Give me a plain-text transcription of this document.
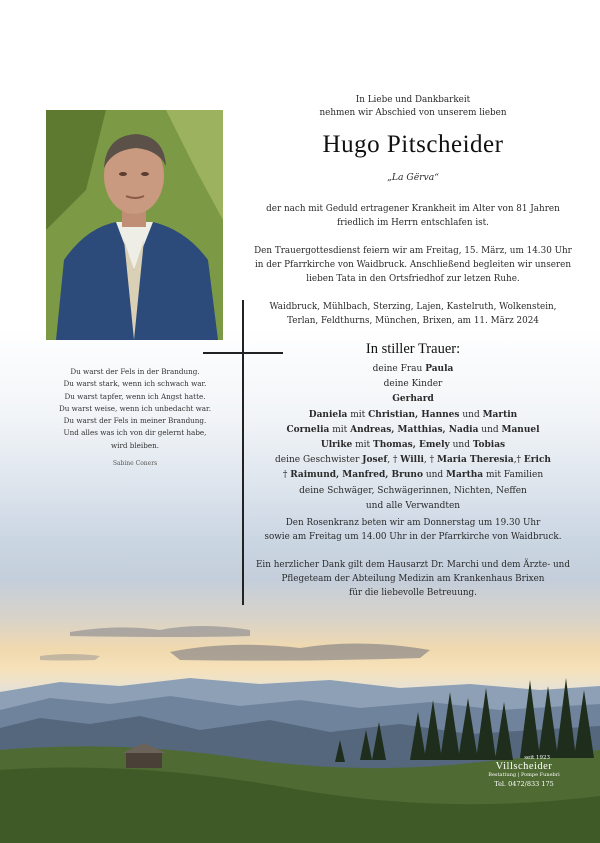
Du warst der Fels in der Brandung.
Du warst stark, wenn ich schwach war.
Du warst tapfer, wenn ich Angst hatte.
Du warst weise, wenn ich unbedacht war.
Du warst der Fels in meiner Brandung.
Und alles was ich von dir gelernt habe,
wird bleiben.
Sabine Coners
In Liebe und Dankbarkeit
nehmen wir Abschied von unserem lieben
Hugo Pitscheider
„La Gërva“
der nach mit Geduld ertragener Krankheit im Alter von 81 Jahren
friedlich im Herrn entschlafen ist.
Den Trauergottesdienst feiern wir am Freitag, 15. März, um 14.30 Uhr
in der Pfarrkirche von Waidbruck. Anschließend begleiten wir unseren
lieben Tata in den Ortsfriedhof zur letzen Ruhe.
Waidbruck, Mühlbach, Sterzing, Lajen, Kastelruth, Wolkenstein,
Terlan, Feldthurns, München, Brixen, am 11. März 2024
In stiller Trauer:
deine Frau Paula
deine Kinder
Gerhard
Daniela mit Christian, Hannes und Martin
Cornelia mit Andreas, Matthias, Nadia und Manuel
Ulrike mit Thomas, Emely und Tobias
deine Geschwister Josef, † Willi, † Maria Theresia,† Erich
† Raimund, Manfred, Bruno und Martha mit Familien
deine Schwäger, Schwägerinnen, Nichten, Neffen
und alle Verwandten
Den Rosenkranz beten wir am Donnerstag um 19.30 Uhr
sowie am Freitag um 14.00 Uhr in der Pfarrkirche von Waidbruck.
Ein herzlicher Dank gilt dem Hausarzt Dr. Marchi und dem Ärzte- und
Pflegeteam der Abteilung Medizin am Krankenhaus Brixen
für die liebevolle Betreuung.
seit 1923
Villscheider
Bestattung | Pompe Funebri
Tel. 0472/833 175
